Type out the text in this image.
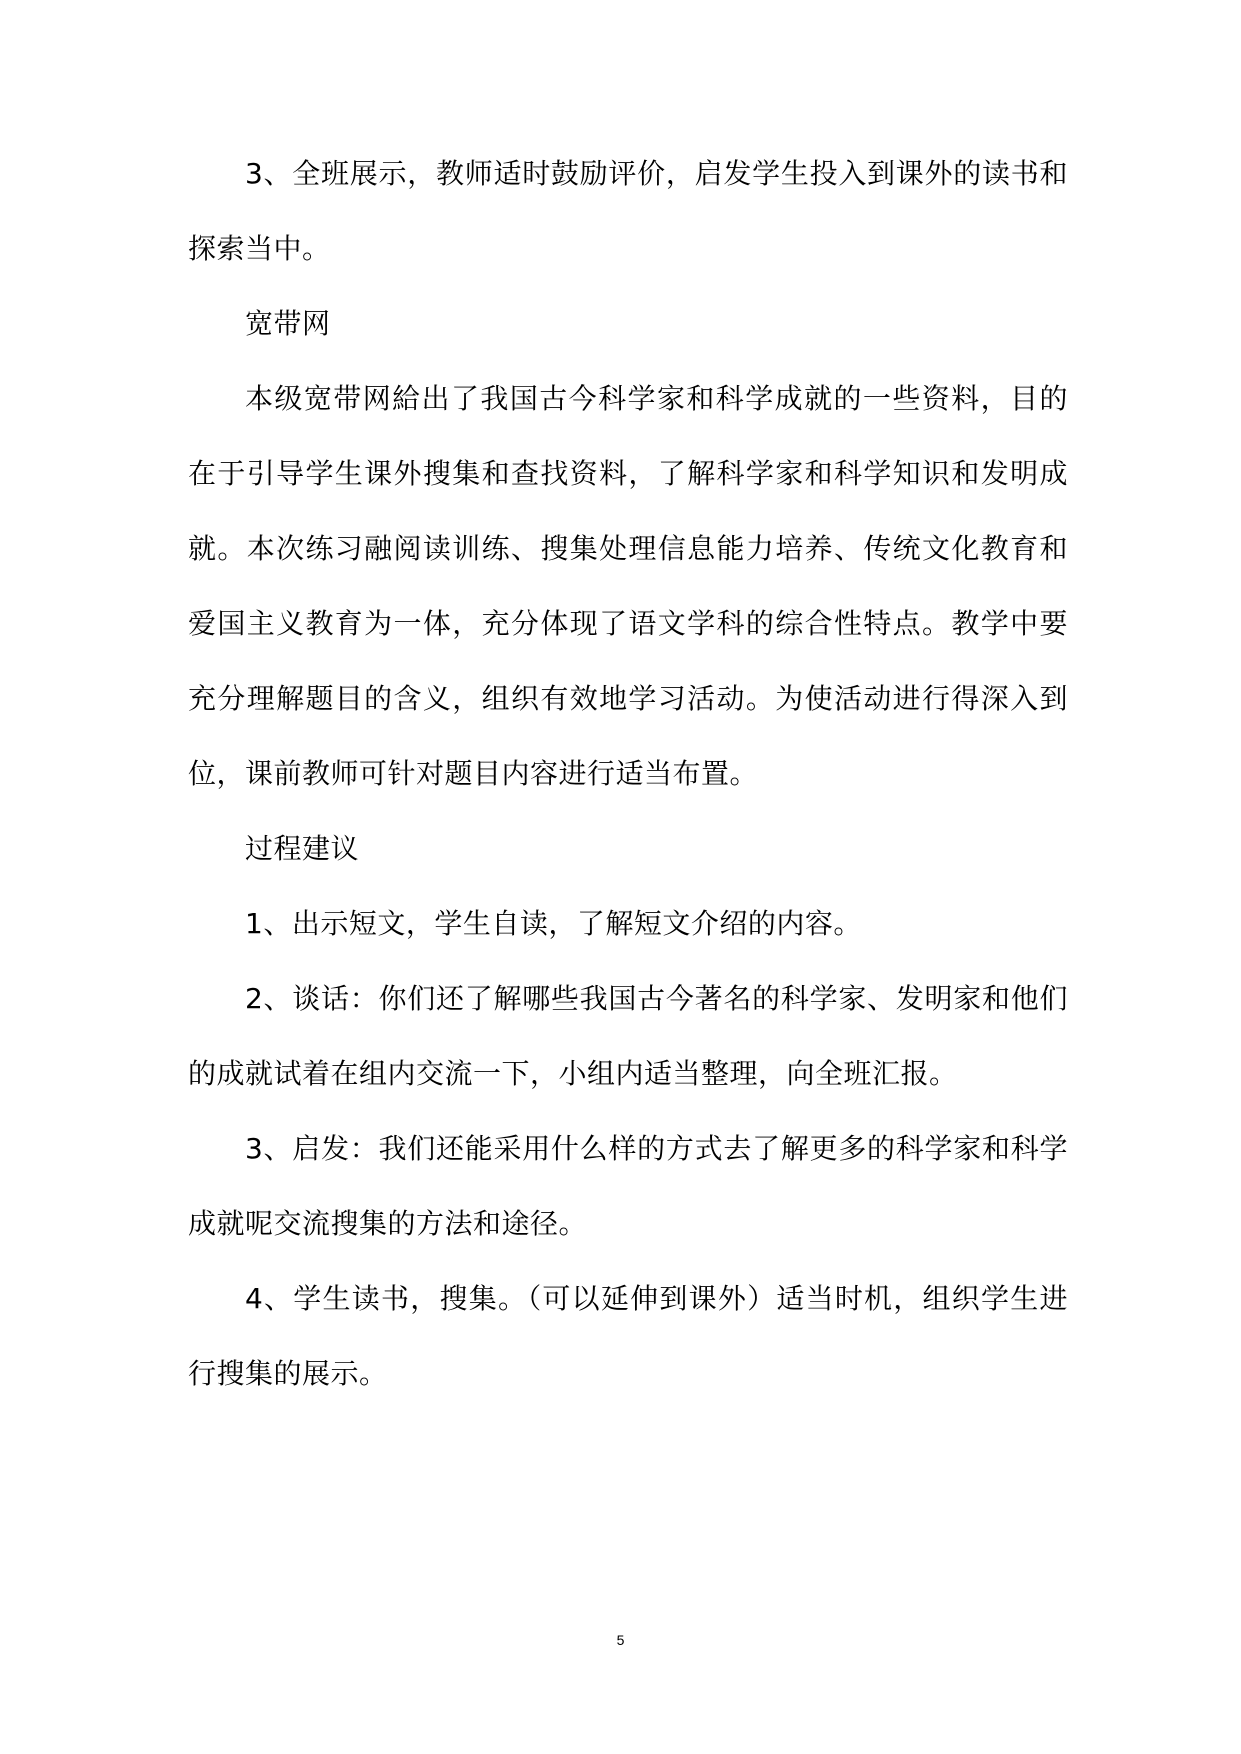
3、全班展示，教师适时鼓励评价，启发学生投入到课外的读书和探索当中。

宽带网

本级宽带网給出了我国古今科学家和科学成就的一些资料，目的在于引导学生课外搜集和查找资料，了解科学家和科学知识和发明成就。本次练习融阅读训练、搜集处理信息能力培养、传统文化教育和爱国主义教育为一体，充分体现了语文学科的综合性特点。教学中要充分理解题目的含义，组织有效地学习活动。为使活动进行得深入到位，课前教师可针对题目内容进行适当布置。

过程建议

1、出示短文，学生自读，了解短文介绍的内容。

2、谈话：你们还了解哪些我国古今著名的科学家、发明家和他们的成就试着在组内交流一下，小组内适当整理，向全班汇报。

3、启发：我们还能采用什么样的方式去了解更多的科学家和科学成就呢交流搜集的方法和途径。

4、学生读书，搜集。（可以延伸到课外）适当时机，组织学生进行搜集的展示。

5
